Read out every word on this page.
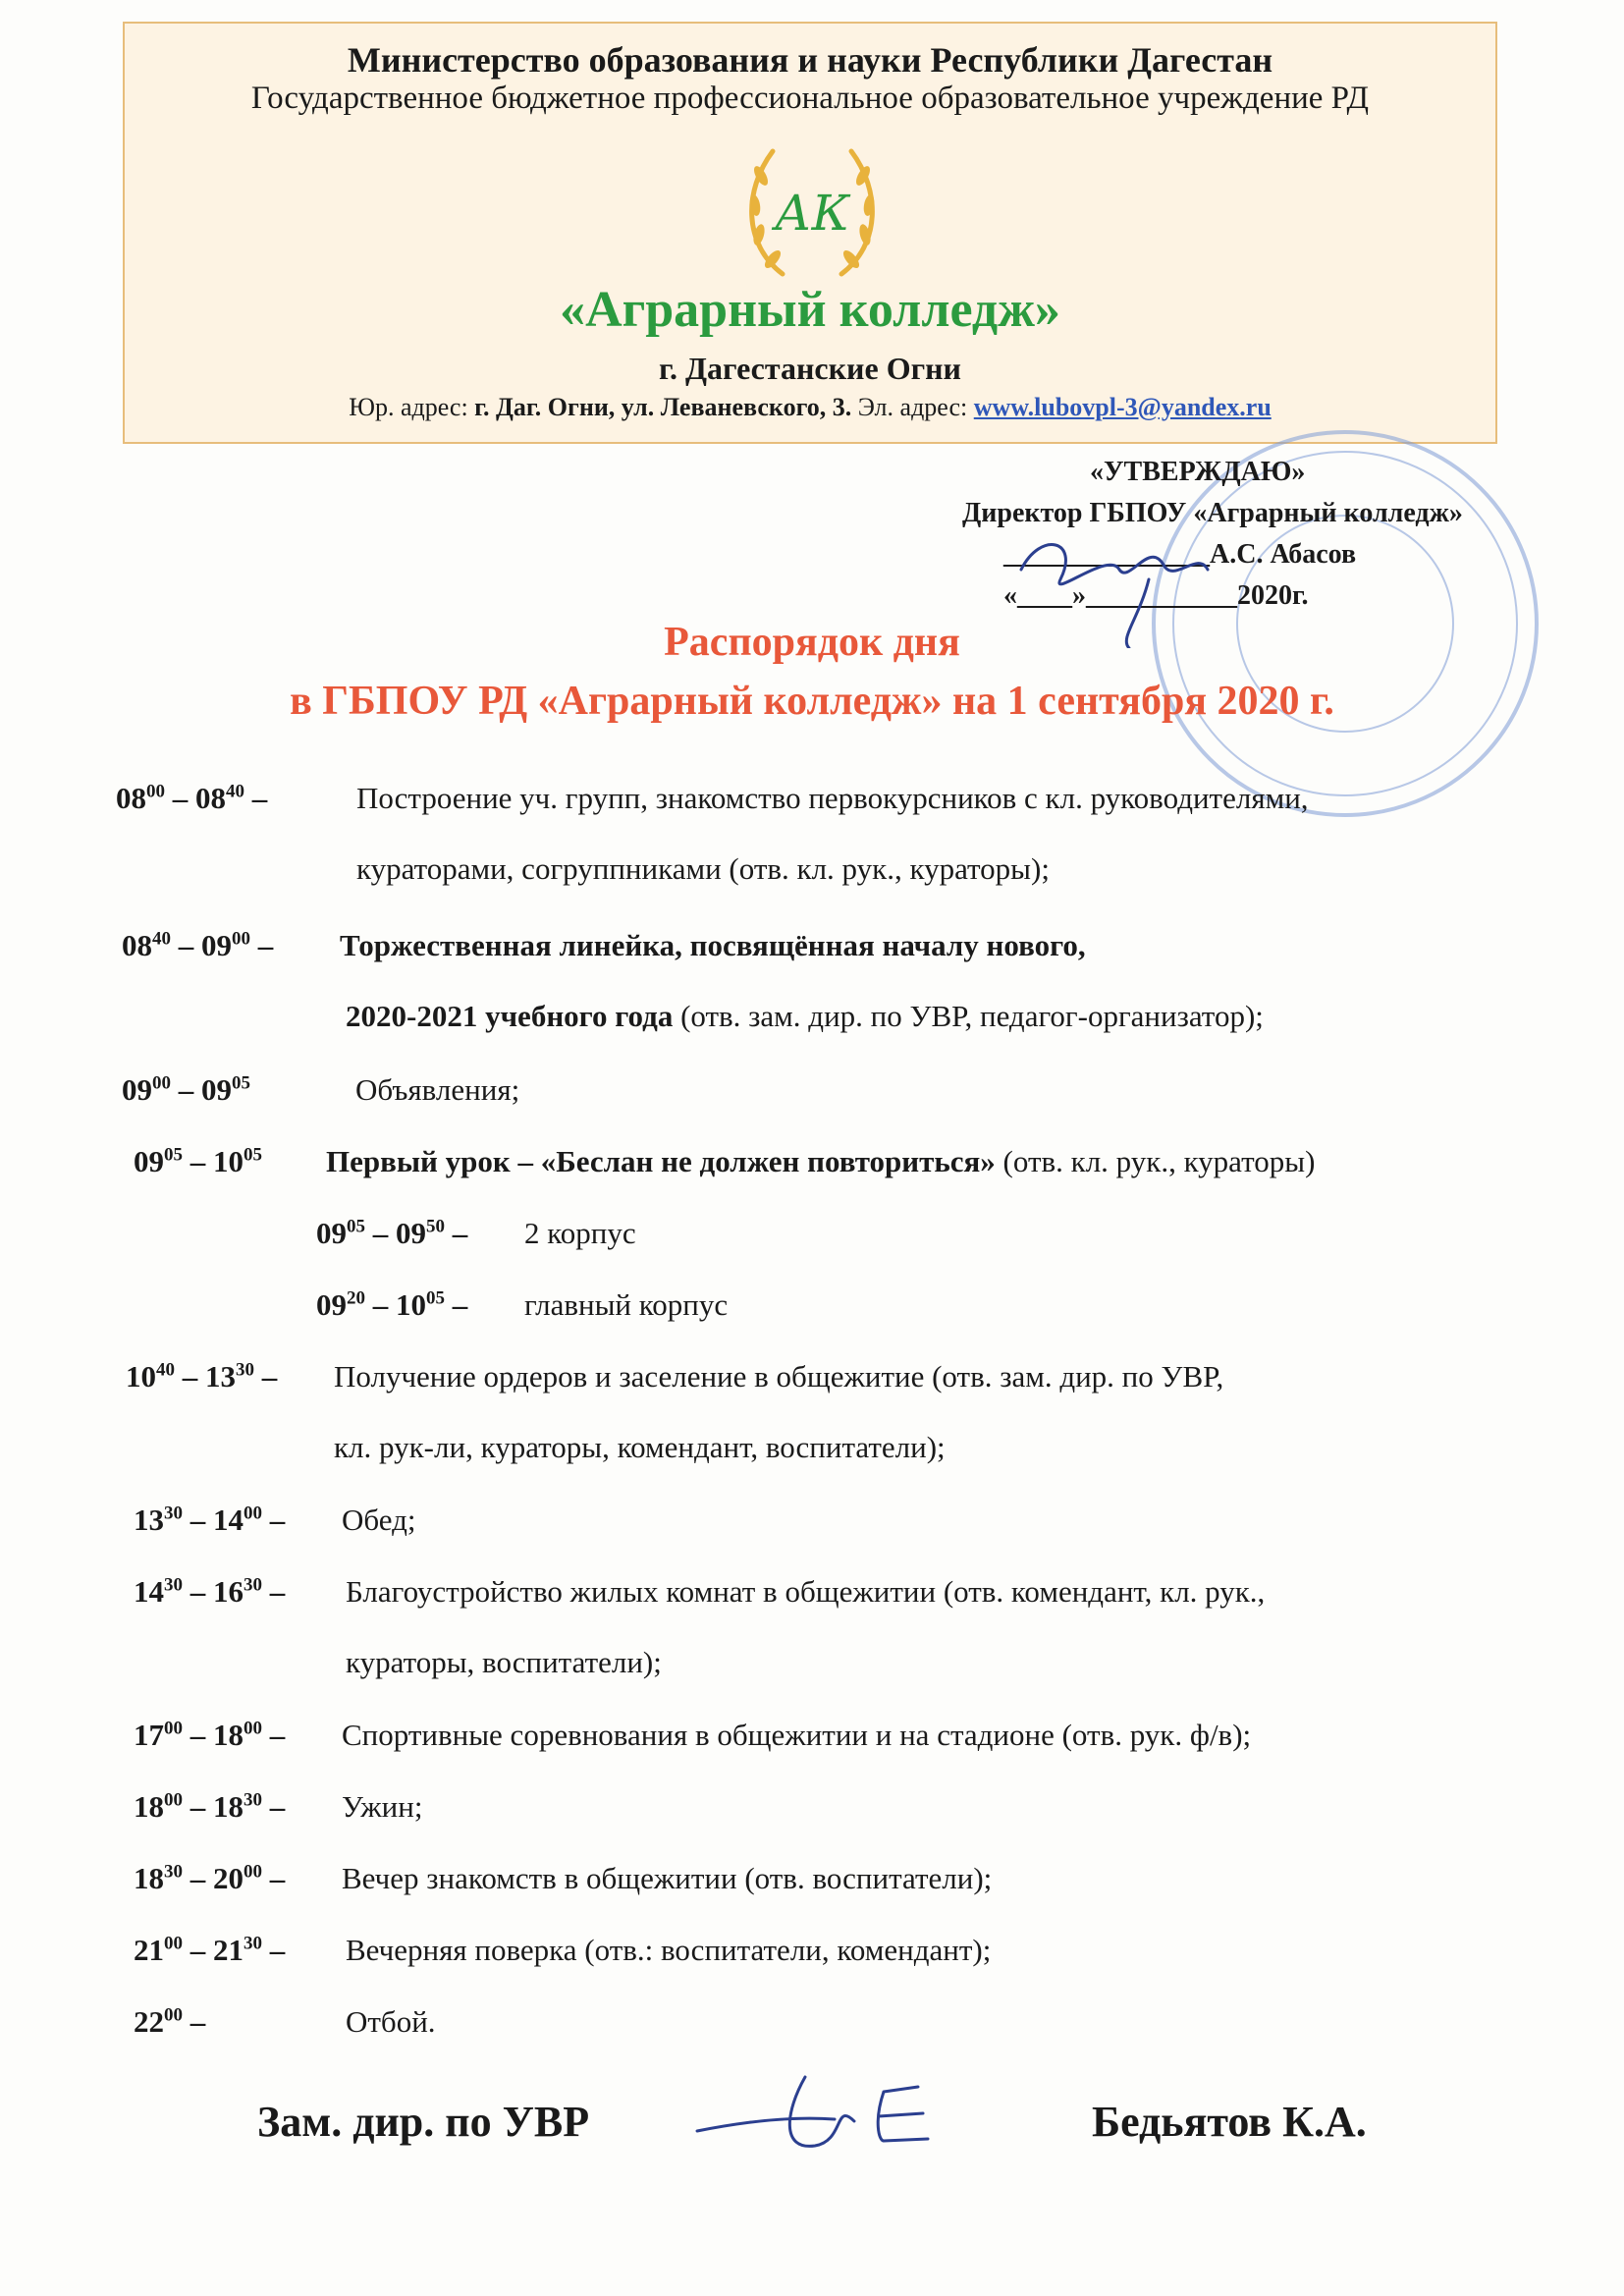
Министерство образования и науки Республики Дагестан
Государственное бюджетное профессиональное образовательное учреждение РД
АК
«Аграрный колледж»
г. Дагестанские Огни
Юр. адрес: г. Даг. Огни, ул. Леваневского, 3. Эл. адрес: www.lubovpl-3@yandex.ru
«УТВЕРЖДАЮ»
Директор ГБПОУ «Аграрный колледж»
_______________А.С. Абасов
«____»___________2020г.
Распорядок дня
в ГБПОУ РД «Аграрный колледж» на 1 сентября 2020 г.
$08^{00} - 08^{40}$ –	Построение уч. групп, знакомство первокурсников с кл. руководителями,
кураторами, согруппниками (отв. кл. рук., кураторы);
$08^{40} - 09^{00}$ – Торжественная линейка, посвящённая началу нового,
2020-2021 учебного года (отв. зам. дир. по УВР, педагог-организатор);
$09^{00} - 09^{05}$	Объявления;
$09^{05} - 10^{05}$ Первый урок – «Беслан не должен повториться» (отв. кл. рук., кураторы)
$09^{05} - 09^{50} - 2$ корпус
$09^{20} - 10^{05}$ – главный корпус
$10^{40} - 13^{30}$ – Получение ордеров и заселение в общежитие (отв. зам. дир. по УВР,
кл. рук-ли, кураторы, комендант, воспитатели);
$13^{30} - 14^{00}$ – Обед;
$14^{30} - 16^{30}$ – Благоустройство жилых комнат в общежитии (отв. комендант, кл. рук.,
кураторы, воспитатели);
$17^{00} - 18^{00}$ – Спортивные соревнования в общежитии и на стадионе (отв. рук. ф/в);
$18^{00} - 18^{30}$ – Ужин;
$18^{30} - 20^{00}$ – Вечер знакомств в общежитии (отв. воспитатели);
$21^{00} - 21^{30}$ – Вечерняя поверка (отв.: воспитатели, комендант);
$22^{00}$ –	Отбой.
Зам. дир. по УВР	Бедьятов К.А.
